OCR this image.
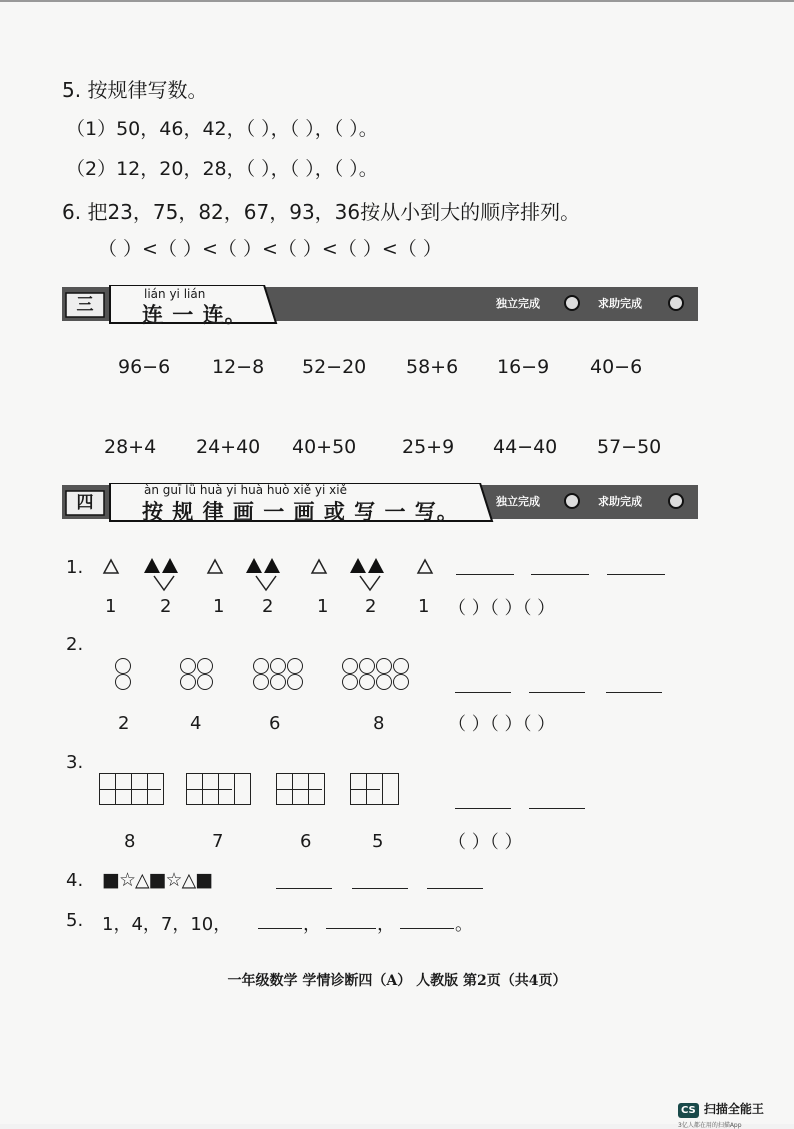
5. 按规律写数。
（1）50，46，42，（ ），（ ），（ ）。
（2）12，20，28，（ ），（ ），（ ）。
6. 把23，75，82，67，93，36按从小到大的顺序排列。
（ ）<（ ）<（ ）<（ ）<（ ）<（ ）
三
lián yi lián
连 一 连。	独立完成	求助完成
96−6 12−8 52−20 58+6 16−9 40−6
28+4 24+40 40+50 25+9 44−40 57−50
四
àn guī lǜ huà yi huà huò xiě yi xiě
按 规 律 画 一 画 或 写 一 写。	独立完成	求助完成
1.
1 2 1 2 1 2 1 （ ）（ ）（ ）
2.

2	4	6	8	（ ）（ ）（ ）
3.
8	7	6	5	（ ）（ ）
4. ■☆△■☆△■
5. 1，4，7，10，	，	，	。
一年级数学 学情诊断四（A） 人教版 第2页（共4页）
CS 扫描全能王
3亿人都在用的扫描App
